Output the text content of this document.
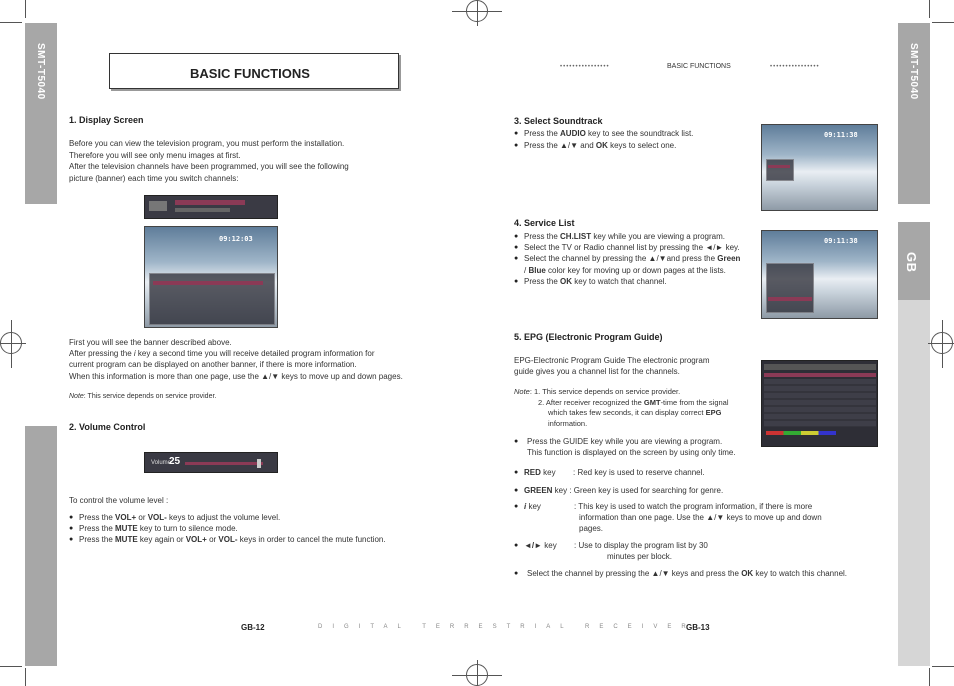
SMT-T5040	SMT-T5040
GB
BASIC FUNCTIONS	••••••••••••••••	BASIC FUNCTIONS	••••••••••••••••
1. Display Screen
Before you can view the television program, you must perform the installation.
Therefore you will see only menu images at first.
After the television channels have been programmed, you will see the following
picture (banner) each time you switch channels:
09:12:03
First you will see the banner described above.
After pressing the i key a second time you will receive detailed program information for
current program can be displayed on another banner, if there is more information.
When this information is more than one page, use the ▲/▼ keys to move up and down pages.
Note: This service depends on service provider.
2. Volume Control
Volume
25
To control the volume level :
● Press the VOL+ or VOL- keys to adjust the volume level.
● Press the MUTE key to turn to silence mode.
● Press the MUTE key again or VOL+ or VOL- keys in order to cancel the mute function.
GB-12	DIGITAL TERRESTRIAL RECEIVER
3. Select Soundtrack
● Press the AUDIO key to see the soundtrack list.
● Press the ▲/▼ and OK keys to select one.
09:11:38
4. Service List
● Press the CH.LIST key while you are viewing a program.
● Select the TV or Radio channel list by pressing the ◄/► key.
● Select the channel by pressing the ▲/▼and press the Green
/ Blue color key for moving up or down pages at the lists.
● Press the OK key to watch that channel.
09:11:38
5. EPG (Electronic Program Guide)
EPG-Electronic Program Guide The electronic program
guide gives you a channel list for the channels.
Note: 1. This service depends on service provider.
2. After receiver recognized the GMT-time from the signal
which takes few seconds, it can display correct EPG
information.
● Press the GUIDE key while you are viewing a program.
This function is displayed on the screen by using only time.
● RED key : Red key is used to reserve channel.
● GREEN key : Green key is used for searching for genre.
● i key	: This key is used to watch the program information, if there is more
information than one page. Use the ▲/▼ keys to move up and down
pages.
● ◄/► key : Use to display the program list by 30
minutes per block.
● Select the channel by pressing the ▲/▼ keys and press the OK key to watch this channel.
GB-13
